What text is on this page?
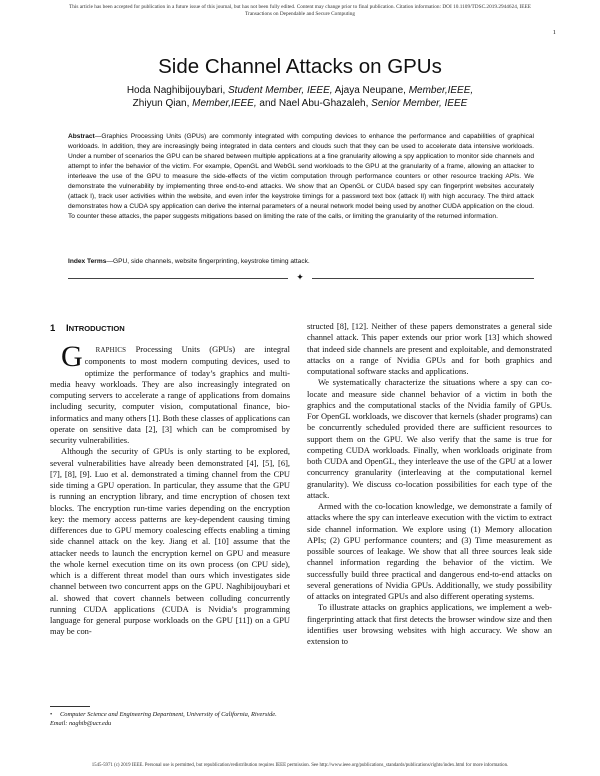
This article has been accepted for publication in a future issue of this journal, but has not been fully edited. Content may change prior to final publication. Citation information: DOI 10.1109/TDSC.2019.2944624, IEEE
Transactions on Dependable and Secure Computing
1
Side Channel Attacks on GPUs
Hoda Naghibijouybari, Student Member, IEEE, Ajaya Neupane, Member,IEEE,
Zhiyun Qian, Member,IEEE, and Nael Abu-Ghazaleh, Senior Member, IEEE
Abstract—Graphics Processing Units (GPUs) are commonly integrated with computing devices to enhance the performance and capabilities of graphical workloads. In addition, they are increasingly being integrated in data centers and clouds such that they can be used to accelerate data intensive workloads. Under a number of scenarios the GPU can be shared between multiple applications at a fine granularity allowing a spy application to monitor side channels and attempt to infer the behavior of the victim. For example, OpenGL and WebGL send workloads to the GPU at the granularity of a frame, allowing an attacker to interleave the use of the GPU to measure the side-effects of the victim computation through performance counters or other resource tracking APIs. We demonstrate the vulnerability by implementing three end-to-end attacks. We show that an OpenGL or CUDA based spy can fingerprint websites accurately (attack I), track user activities within the website, and even infer the keystroke timings for a password text box (attack II) with high accuracy. The third attack demonstrates how a CUDA spy application can derive the internal parameters of a neural network model being used by another CUDA application on the cloud. To counter these attacks, the paper suggests mitigations based on limiting the rate of the calls, or limiting the granularity of the returned information.
Index Terms—GPU, side channels, website fingerprinting, keystroke timing attack.
✦
1 INTRODUCTION

G RAPHICS Processing Units (GPUs) are integral components to most modern computing devices, used to optimize the performance of today’s graphics and multi-media heavy workloads. They are also increasingly integrated on computing servers to accelerate a range of applications from domains including security, computer vision, computational finance, bio-informatics and many others [1]. Both these classes of applications can operate on sensitive data [2], [3] which can be compromised by security vulnerabilities.

Although the security of GPUs is only starting to be explored, several vulnerabilities have already been demonstrated [4], [5], [6], [7], [8], [9]. Luo et al. demonstrated a timing channel from the CPU side timing a GPU operation. In particular, they assume that the GPU is running an encryption library, and time encryption of chosen text blocks. The encryption run-time varies depending on the encryption key: the memory access patterns are key-dependent causing timing differences due to GPU memory coalescing effects enabling a timing side channel attack on the key. Jiang et al. [10] assume that the attacker needs to launch the encryption kernel on GPU and measure the whole kernel execution time on its own process (on CPU side), which is a different threat model than ours which investigates side channel between two concurrent apps on the GPU. Naghibijouybari et al. showed that covert channels between colluding concurrently running CUDA applications (CUDA is Nvidia’s programming language for general purpose workloads on the GPU [11]) on a GPU may be con-

structed [8], [12]. Neither of these papers demonstrates a general side channel attack. This paper extends our prior work [13] which showed that indeed side channels are present and exploitable, and demonstrated attacks on a range of Nvidia GPUs and for both graphics and computational software stacks and applications.

We systematically characterize the situations where a spy can co-locate and measure side channel behavior of a victim in both the graphics and the computational stacks of the Nvidia family of GPUs. For OpenGL workloads, we discover that kernels (shader programs) can be concurrently scheduled provided there are sufficient resources to support them on the GPU. We also verify that the same is true for competing CUDA workloads. Finally, when workloads originate from both CUDA and OpenGL, they interleave the use of the GPU at a lower concurrency granularity (interleaving at the computational kernel granularity). We discuss co-location possibilities for each type of the attack.

Armed with the co-location knowledge, we demonstrate a family of attacks where the spy can interleave execution with the victim to extract side channel information. We explore using (1) Memory allocation APIs; (2) GPU performance counters; and (3) Time measurement as possible sources of leakage. We show that all three sources leak side channel information regarding the behavior of the victim. We successfully build three practical and dangerous end-to-end attacks on several generations of Nvidia GPUs. Additionally, we study possibility of attacks on integrated GPUs and also different operating systems.

To illustrate attacks on graphics applications, we implement a web-fingerprinting attack that first detects the browser window size and then identifies user browsing websites with high accuracy. We show an extension to

• Computer Science and Engineering Department, University of California, Riverside. Email: naghib@ucr.edu
1545-5971 (c) 2019 IEEE. Personal use is permitted, but republication/redistribution requires IEEE permission. See http://www.ieee.org/publications_standards/publications/rights/index.html for more information.
